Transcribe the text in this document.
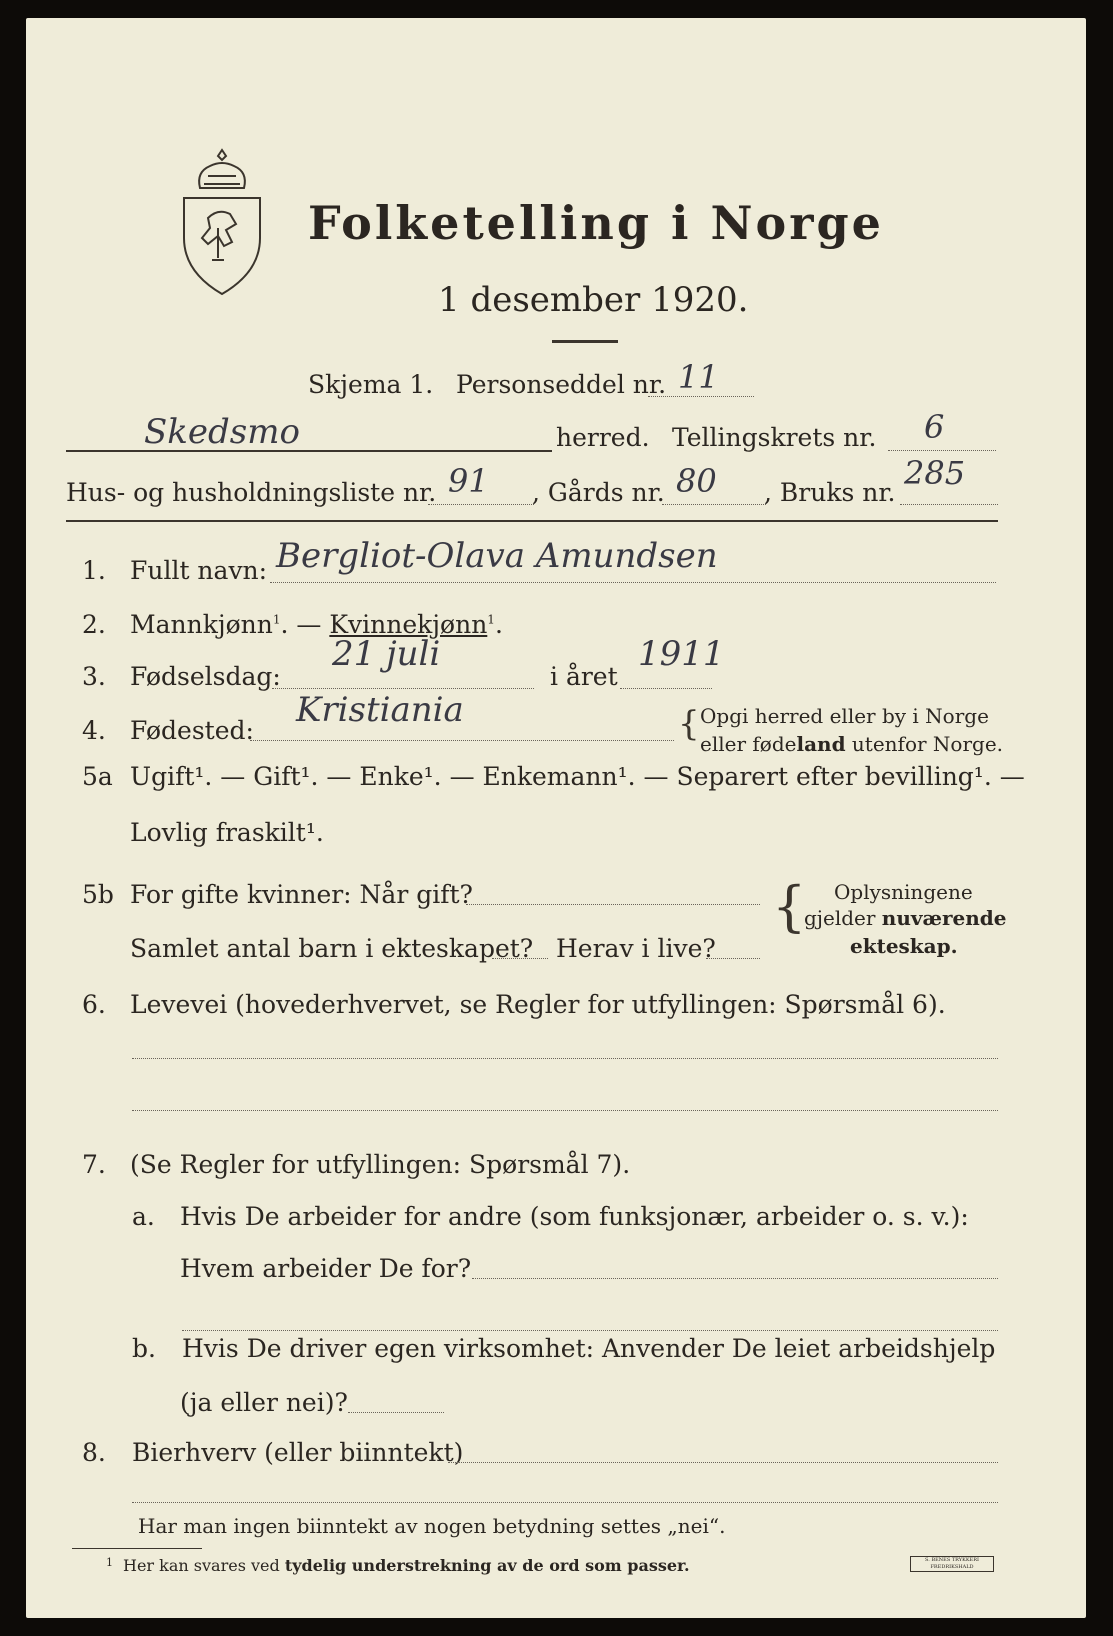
Folketelling i Norge
1 desember 1920.
Skjema 1. Personseddel nr. 11
Skedsmo	herred. Tellingskrets nr. 6
Hus- og husholdningsliste nr. 91 , Gårds nr. 80 , Bruks nr.
285
1. Fullt navn: Bergliot-Olava Amundsen
2. Mannkjønn$^1$. — Kvinnekjønn$^1$.
3. Fødselsdag:
21 juli
i året
1911
4. Fødested:
Kristiania	{ Opgi herred eller by i Norge
eller fødeland utenfor Norge.
5a Ugift¹. — Gift¹. — Enke¹. — Enkemann¹. — Separert efter bevilling¹. —
Lovlig fraskilt¹.
5b For gifte kvinner: Når gift?
Samlet antal barn i ekteskapet? Herav i live?
{ Oplysningene
gjelder nuværende
ekteskap.
6. Levevei (hovederhvervet, se Regler for utfyllingen: Spørsmål 6).
7. (Se Regler for utfyllingen: Spørsmål 7).
a. Hvis De arbeider for andre (som funksjonær, arbeider o. s. v.):
Hvem arbeider De for?
b. Hvis De driver egen virksomhet: Anvender De leiet arbeidshjelp
(ja eller nei)?
8. Bierhverv (eller biinntekt)
Har man ingen biinntekt av nogen betydning settes „nei“.
$^1$ Her kan svares ved tydelig understrekning av de ord som passer.	S. BENES TRYKKERI FREDRIKSHALD
